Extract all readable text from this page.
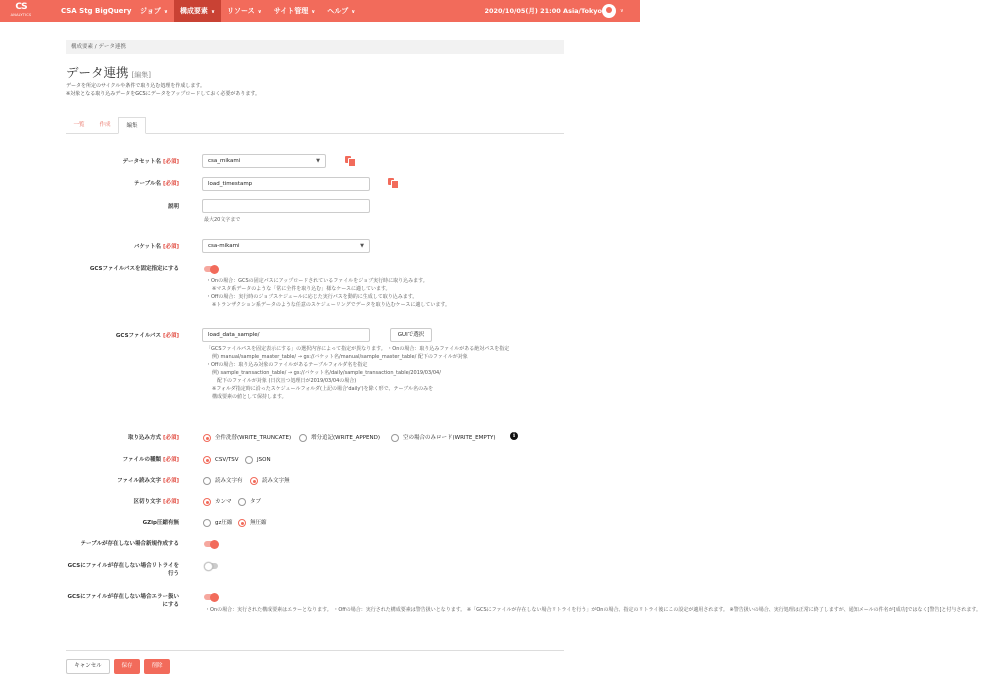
CS
ANALYTICS	CSA Stg BigQuery	ジョブ ∨	構成要素 ∨	リソース ∨	サイト管理 ∨	ヘルプ ∨	2020/10/05(月) 21:00 Asia/Tokyo	∨
構成要素 / データ連携
データ連携 [編集]
データを所定のサイクルや条件で取り込む処理を作成します。
※対象となる取り込みデータをGCSにデータをアップロードしておく必要があります。
一覧	作成	編集
データセット名 [必須]	csa_mikami	▼
テーブル名 [必須]	load_timestamp
説明
最大20文字まで
バケット名 [必須]	csa-mikami	▼
GCSファイルパスを固定指定にする
・Onの場合：GCSの固定パスにアップロードされているファイルをジョブ実行時に取り込みます。
※マスタ系データのような「常に全件を取り込む」様なケースに適しています。
・Offの場合：実行時のジョブスケジュールに応じた実行パスを動的に生成して取り込みます。
※トランザクション系データのような任意のスケジューリングでデータを取り込むケースに適しています。
GCSファイルパス [必須]	load_data_sample/	GUIで選択
「GCSファイルパスを固定表示にする」の選択内容によって指定が異なります。 ・Onの場合：取り込みファイルがある絶対パスを指定
例) manual/sample_master_table/ → gs://バケット名/manual/sample_master_table/ 配下のファイルが対象
・Offの場合：取り込み対象のファイルがあるテーブルフォルダ名を指定
例) sample_transaction_table/ → gs://バケット名/daily/sample_transaction_table/2019/03/04/
配下のファイルが対象 (日次且つ処理日が2019/03/04の場合)
※フォルダ指定時に沿ったスケジュールフォルダ(上記の場合'daily')を除く形で、テーブル名のみを
構成要素の値として保持します。
取り込み方式 [必須]	全件洗替(WRITE_TRUNCATE)	増分追記(WRITE_APPEND)	空の場合のみロード(WRITE_EMPTY)	i
ファイルの種類 [必須]	CSV/TSV	JSON
ファイル読み文字 [必須]	読み文字有	読み文字無
区切り文字 [必須]	カンマ	タブ
GZip圧縮有無	gz圧縮	無圧縮
テーブルが存在しない場合新規作成する
GCSにファイルが存在しない場合リトライを
行う
GCSにファイルが存在しない場合エラー扱い
にする
・Onの場合：実行された構成要素はエラーとなります。 ・Offの場合：実行された構成要素は警告扱いとなります。 ※「GCSにファイルが存在しない場合リトライを行う」がOnの場合、指定のリトライ後にこの設定が適用されます。 ※警告扱いの場合、実行処理は正常に終了しますが、通知メールの件名が[成功]ではなく[警告]と付与されます。
キャンセル	保存	削除
